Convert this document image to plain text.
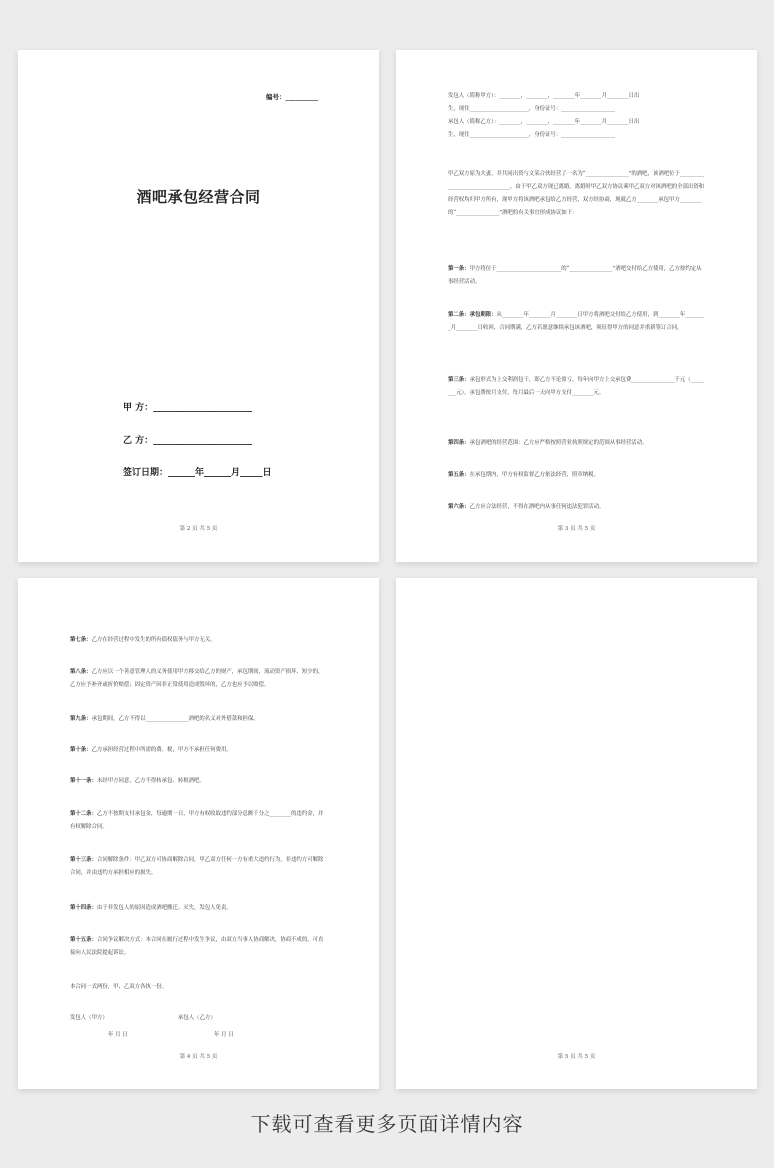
编号：__________
酒吧承包经营合同
甲 方：______________________
乙 方：______________________
签订日期：______年______月_____日
第 2 页 共 5 页

发包人（简称甲方）：________，________，________年________月________日出

生，现住______________________，身份证号：____________________

承包人（简称乙方）：________，________，________年________月________日出

生，现住______________________，身份证号：____________________

甲乙双方原为夫妻，并共同出资与文某合伙经营了一名为“________________”的酒吧，该酒吧位于________________________________，由于甲乙双方现已离婚，离婚时甲乙双方协议乘甲乙双方对该酒吧的全部出资和经营权均归甲方所有，现甲方将该酒吧承包给乙方经营，双方经协商，现就乙方________承包甲方________的“________________”酒吧的有关事宜形成协议如下：

第一条：甲方将位于________________________的“________________”酒吧交付给乙方使用，乙方按约定从事经营活动。

第二条：承包期限：从________年________月________日甲方将酒吧交付给乙方使用，到________年________月________日收回，合同期满，乙方若愿意继续承包该酒吧，须征得甲方的同意并重新签订合同。

第三条：承包形式为上交利润包干，即乙方不论盈亏，每年向甲方上交承包费________________千元（________元），承包费按月支付，每月最后一天向甲方支付________元。

第四条：承包酒吧的经营范围：乙方应严格按照营业执照规定的范围从事经营活动。

第五条：在承包期内，甲方有权监督乙方依法经营，照章纳税。

第六条：乙方应合法经营，不得在酒吧内从事任何违法犯罪活动。

第 3 页 共 5 页

第七条：乙方在经营过程中发生的所有债权债务与甲方无关。

第八条：乙方应以一个善意管理人的义务使用甲方移交给乙方的财产，承包期间，流动资产损坏、短少的，乙方应予补齐或折价赔偿；固定资产因非正常使用造成毁坏的，乙方也应予以赔偿。

第九条：承包期间，乙方不得以________________酒吧的名义对外借款和担保。

第十条：乙方承担经营过程中所需的费、税，甲方不承担任何费用。

第十一条：未经甲方同意，乙方不得转承包、转租酒吧。

第十二条：乙方不按期支付承包金，每逾期一日，甲方有权收取违约部分总额千分之________的违约金，并有权解除合同。

第十三条：合同解除条件：甲乙双方可协商解除合同，甲乙双方任何一方有重大违约行为，非违约方可解除合同，并由违约方承担相应的损失。

第十四条：由于非发包人的原因造成酒吧搬迁、灭失，发包人免责。

第十五条：合同争议解决方式：本合同在履行过程中发生争议，由双方当事人协商解决，协商不成的，可直接向人民法院提起诉讼。

本合同一式两份，甲、乙双方各执一份。

发包人（甲方）	承包人（乙方）
年 月 日	年 月 日
第 4 页 共 5 页	第 5 页 共 5 页
下载可查看更多页面详情内容
